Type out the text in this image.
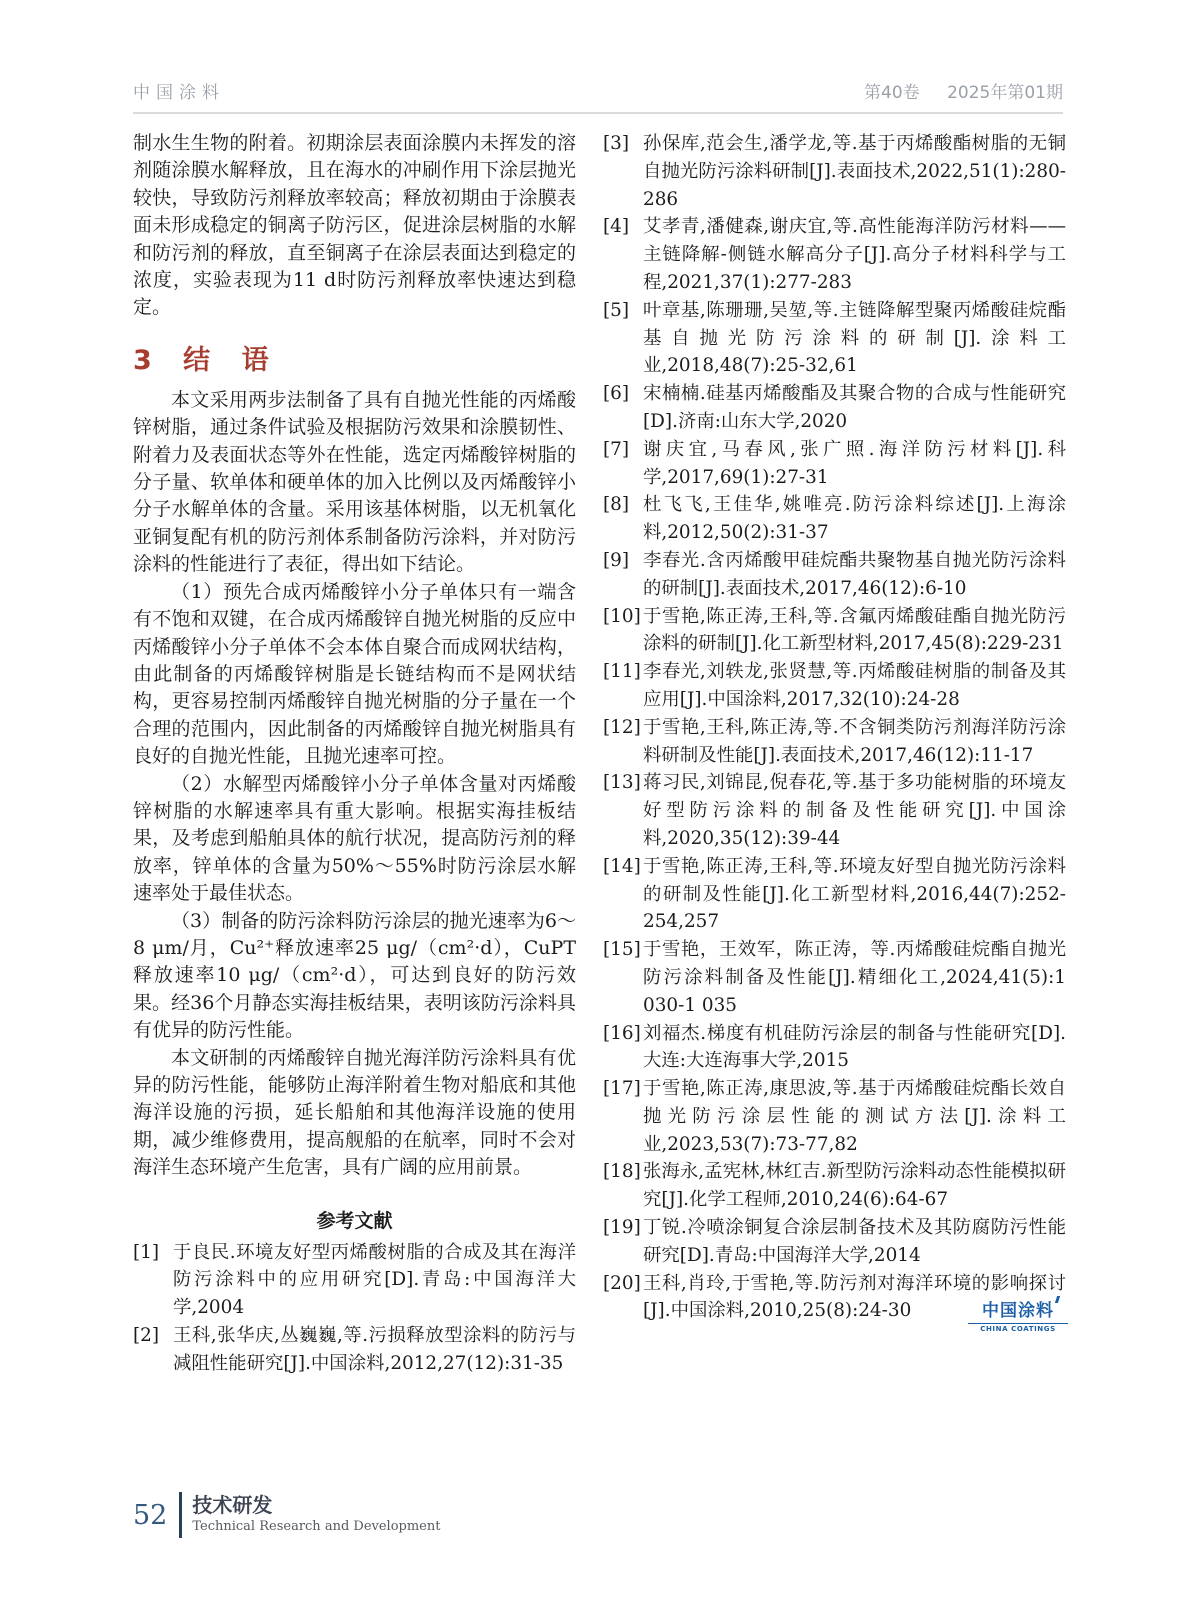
中国涂料	第40卷 2025年第01期

制水生生物的附着。初期涂层表面涂膜内未挥发的溶剂随涂膜水解释放，且在海水的冲刷作用下涂层抛光较快，导致防污剂释放率较高；释放初期由于涂膜表面未形成稳定的铜离子防污区，促进涂层树脂的水解和防污剂的释放，直至铜离子在涂层表面达到稳定的浓度，实验表现为11 d时防污剂释放率快速达到稳定。

3 结 语

本文采用两步法制备了具有自抛光性能的丙烯酸锌树脂，通过条件试验及根据防污效果和涂膜韧性、附着力及表面状态等外在性能，选定丙烯酸锌树脂的分子量、软单体和硬单体的加入比例以及丙烯酸锌小分子水解单体的含量。采用该基体树脂，以无机氧化亚铜复配有机的防污剂体系制备防污涂料，并对防污涂料的性能进行了表征，得出如下结论。

（1）预先合成丙烯酸锌小分子单体只有一端含有不饱和双键，在合成丙烯酸锌自抛光树脂的反应中丙烯酸锌小分子单体不会本体自聚合而成网状结构，由此制备的丙烯酸锌树脂是长链结构而不是网状结构，更容易控制丙烯酸锌自抛光树脂的分子量在一个合理的范围内，因此制备的丙烯酸锌自抛光树脂具有良好的自抛光性能，且抛光速率可控。

（2）水解型丙烯酸锌小分子单体含量对丙烯酸锌树脂的水解速率具有重大影响。根据实海挂板结果，及考虑到船舶具体的航行状况，提高防污剂的释放率，锌单体的含量为50%～55%时防污涂层水解速率处于最佳状态。

（3）制备的防污涂料防污涂层的抛光速率为6～8 μm/月，Cu²⁺释放速率25 μg/（cm²·d），CuPT释放速率10 μg/（cm²·d），可达到良好的防污效果。经36个月静态实海挂板结果，表明该防污涂料具有优异的防污性能。

本文研制的丙烯酸锌自抛光海洋防污涂料具有优异的防污性能，能够防止海洋附着生物对船底和其他海洋设施的污损，延长船舶和其他海洋设施的使用期，减少维修费用，提高舰船的在航率，同时不会对海洋生态环境产生危害，具有广阔的应用前景。

参考文献
[1] 于良民.环境友好型丙烯酸树脂的合成及其在海洋防污涂料中的应用研究[D].青岛:中国海洋大学,2004
[2] 王科,张华庆,丛巍巍,等.污损释放型涂料的防污与减阻性能研究[J].中国涂料,2012,27(12):31-35
[3] 孙保库,范会生,潘学龙,等.基于丙烯酸酯树脂的无铜自抛光防污涂料研制[J].表面技术,2022,51(1):280-286
[4] 艾孝青,潘健森,谢庆宜,等.高性能海洋防污材料——主链降解-侧链水解高分子[J].高分子材料科学与工程,2021,37(1):277-283
[5] 叶章基,陈珊珊,吴堃,等.主链降解型聚丙烯酸硅烷酯基自抛光防污涂料的研制[J].涂料工业,2018,48(7):25-32,61
[6] 宋楠楠.硅基丙烯酸酯及其聚合物的合成与性能研究[D].济南:山东大学,2020
[7] 谢庆宜,马春风,张广照.海洋防污材料[J].科学,2017,69(1):27-31
[8] 杜飞飞,王佳华,姚唯亮.防污涂料综述[J].上海涂料,2012,50(2):31-37
[9] 李春光.含丙烯酸甲硅烷酯共聚物基自抛光防污涂料的研制[J].表面技术,2017,46(12):6-10
[10] 于雪艳,陈正涛,王科,等.含氟丙烯酸硅酯自抛光防污涂料的研制[J].化工新型材料,2017,45(8):229-231
[11] 李春光,刘轶龙,张贤慧,等.丙烯酸硅树脂的制备及其应用[J].中国涂料,2017,32(10):24-28
[12] 于雪艳,王科,陈正涛,等.不含铜类防污剂海洋防污涂料研制及性能[J].表面技术,2017,46(12):11-17
[13] 蒋习民,刘锦昆,倪春花,等.基于多功能树脂的环境友好型防污涂料的制备及性能研究[J].中国涂料,2020,35(12):39-44
[14] 于雪艳,陈正涛,王科,等.环境友好型自抛光防污涂料的研制及性能[J].化工新型材料,2016,44(7):252-254,257
[15] 于雪艳，王效军，陈正涛，等.丙烯酸硅烷酯自抛光防污涂料制备及性能[J].精细化工,2024,41(5):1 030-1 035
[16] 刘福杰.梯度有机硅防污涂层的制备与性能研究[D].大连:大连海事大学,2015
[17] 于雪艳,陈正涛,康思波,等.基于丙烯酸硅烷酯长效自抛光防污涂层性能的测试方法[J].涂料工业,2023,53(7):73-77,82
[18] 张海永,孟宪林,林红吉.新型防污涂料动态性能模拟研究[J].化学工程师,2010,24(6):64-67
[19] 丁锐.冷喷涂铜复合涂层制备技术及其防腐防污性能研究[D].青岛:中国海洋大学,2014
[20] 王科,肖玲,于雪艳,等.防污剂对海洋环境的影响探讨[J].中国涂料,2010,25(8):24-30
52 技术研发
Technical Research and Development
中国涂料
CHINA COATINGS
